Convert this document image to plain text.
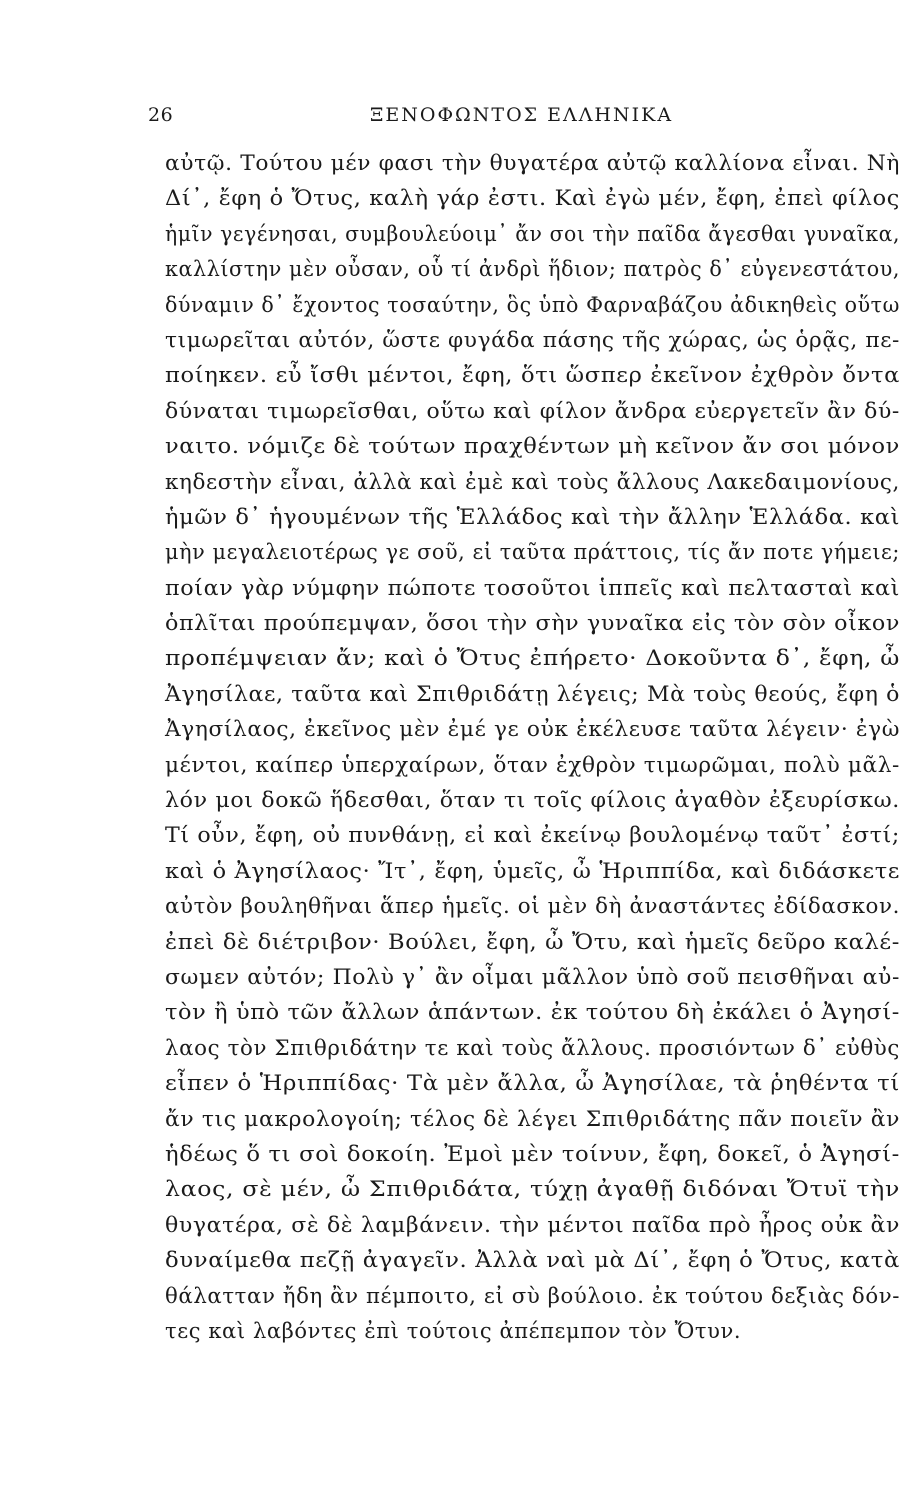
26	ΞΕΝΟΦΩΝΤΟΣ ΕΛΛΗΝΙΚΑ
αὐτῷ. Τούτου μέν φασι τὴν θυγατέρα αὐτῷ καλλίονα εἶναι. Νὴ
Δί᾽, ἔφη ὁ Ὄτυς, καλὴ γάρ ἐστι. Καὶ ἐγὼ μέν, ἔφη, ἐπεὶ φίλος
ἡμῖν γεγένησαι, συμβουλεύοιμ᾽ ἄν σοι τὴν παῖδα ἄγεσθαι γυναῖκα,
καλλίστην μὲν οὖσαν, οὗ τί ἀνδρὶ ἥδιον; πατρὸς δ᾽ εὐγενεστάτου,
δύναμιν δ᾽ ἔχοντος τοσαύτην, ὃς ὑπὸ Φαρναβάζου ἀδικηθεὶς οὕτω
τιμωρεῖται αὐτόν, ὥστε φυγάδα πάσης τῆς χώρας, ὡς ὁρᾷς, πε-
ποίηκεν. εὖ ἴσθι μέντοι, ἔφη, ὅτι ὥσπερ ἐκεῖνον ἐχθρὸν ὄντα
δύναται τιμωρεῖσθαι, οὕτω καὶ φίλον ἄνδρα εὐεργετεῖν ἂν δύ-
ναιτο. νόμιζε δὲ τούτων πραχθέντων μὴ κεῖνον ἄν σοι μόνον
κηδεστὴν εἶναι, ἀλλὰ καὶ ἐμὲ καὶ τοὺς ἄλλους Λακεδαιμονίους,
ἡμῶν δ᾽ ἡγουμένων τῆς Ἑλλάδος καὶ τὴν ἄλλην Ἑλλάδα. καὶ
μὴν μεγαλειοτέρως γε σοῦ, εἰ ταῦτα πράττοις, τίς ἄν ποτε γήμειε;
ποίαν γὰρ νύμφην πώποτε τοσοῦτοι ἱππεῖς καὶ πελτασταὶ καὶ
ὁπλῖται προύπεμψαν, ὅσοι τὴν σὴν γυναῖκα εἰς τὸν σὸν οἶκον
προπέμψειαν ἄν; καὶ ὁ Ὄτυς ἐπήρετο· Δοκοῦντα δ᾽, ἔφη, ὦ
Ἀγησίλαε, ταῦτα καὶ Σπιθριδάτῃ λέγεις; Μὰ τοὺς θεούς, ἔφη ὁ
Ἀγησίλαος, ἐκεῖνος μὲν ἐμέ γε οὐκ ἐκέλευσε ταῦτα λέγειν· ἐγὼ
μέντοι, καίπερ ὑπερχαίρων, ὅταν ἐχθρὸν τιμωρῶμαι, πολὺ μᾶλ-
λόν μοι δοκῶ ἥδεσθαι, ὅταν τι τοῖς φίλοις ἀγαθὸν ἐξευρίσκω.
Τί οὖν, ἔφη, οὐ πυνθάνῃ, εἰ καὶ ἐκείνῳ βουλομένῳ ταῦτ᾽ ἐστί;
καὶ ὁ Ἀγησίλαος· Ἴτ᾽, ἔφη, ὑμεῖς, ὦ Ἡριππίδα, καὶ διδάσκετε
αὐτὸν βουληθῆναι ἅπερ ἡμεῖς. οἱ μὲν δὴ ἀναστάντες ἐδίδασκον.
ἐπεὶ δὲ διέτριβον· Βούλει, ἔφη, ὦ Ὄτυ, καὶ ἡμεῖς δεῦρο καλέ-
σωμεν αὐτόν; Πολὺ γ᾽ ἂν οἶμαι μᾶλλον ὑπὸ σοῦ πεισθῆναι αὐ-
τὸν ἢ ὑπὸ τῶν ἄλλων ἁπάντων. ἐκ τούτου δὴ ἐκάλει ὁ Ἀγησί-
λαος τὸν Σπιθριδάτην τε καὶ τοὺς ἄλλους. προσιόντων δ᾽ εὐθὺς
εἶπεν ὁ Ἡριππίδας· Τὰ μὲν ἄλλα, ὦ Ἀγησίλαε, τὰ ῥηθέντα τί
ἄν τις μακρολογοίη; τέλος δὲ λέγει Σπιθριδάτης πᾶν ποιεῖν ἂν
ἡδέως ὅ τι σοὶ δοκοίη. Ἐμοὶ μὲν τοίνυν, ἔφη, δοκεῖ, ὁ Ἀγησί-
λαος, σὲ μέν, ὦ Σπιθριδάτα, τύχῃ ἀγαθῇ διδόναι Ὄτυϊ τὴν
θυγατέρα, σὲ δὲ λαμβάνειν. τὴν μέντοι παῖδα πρὸ ἦρος οὐκ ἂν
δυναίμεθα πεζῇ ἀγαγεῖν. Ἀλλὰ ναὶ μὰ Δί᾽, ἔφη ὁ Ὄτυς, κατὰ
θάλατταν ἤδη ἂν πέμποιτο, εἰ σὺ βούλοιο. ἐκ τούτου δεξιὰς δόν-
τες καὶ λαβόντες ἐπὶ τούτοις ἀπέπεμπον τὸν Ὄτυν.
